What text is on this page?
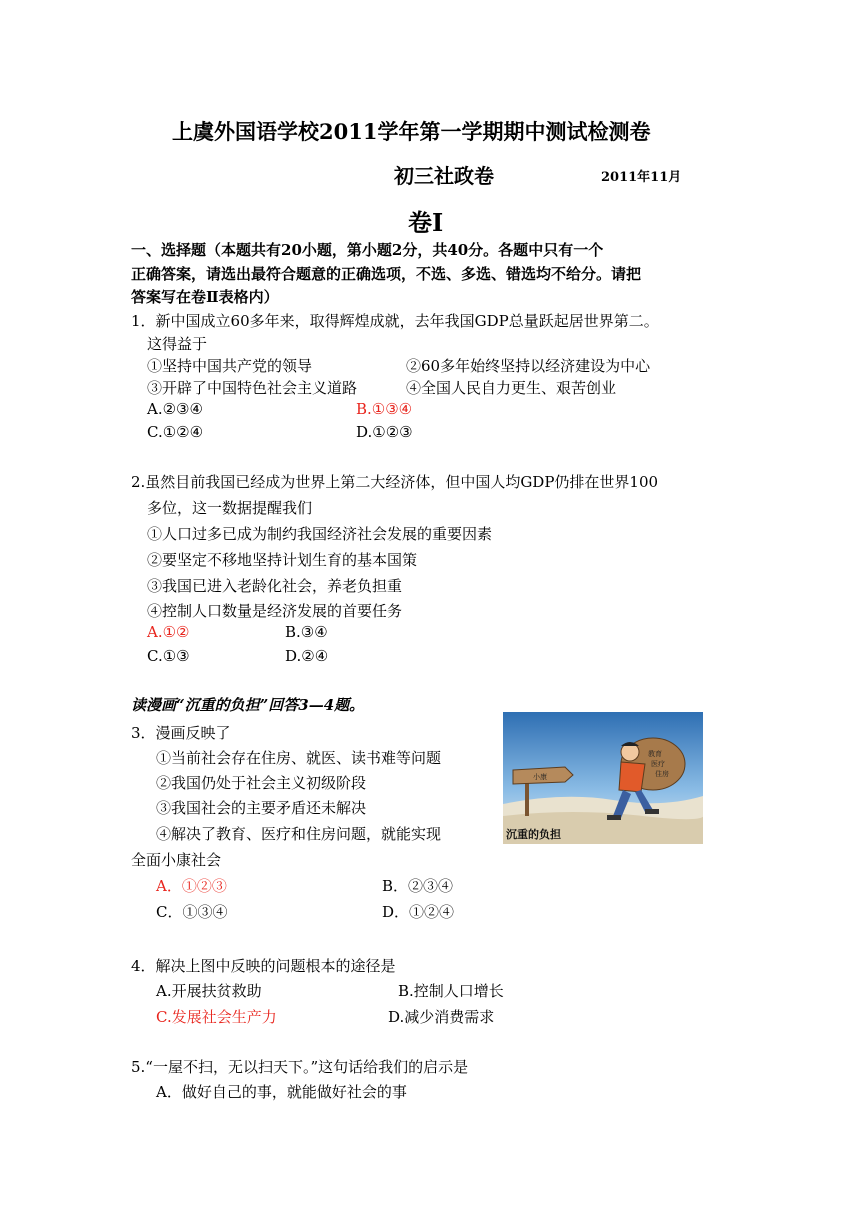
上虞外国语学校2011学年第一学期期中测试检测卷
初三社政卷	2011年11月
卷Ⅰ
一、选择题（本题共有20小题，第小题2分，共40分。各题中只有一个
正确答案，请选出最符合题意的正确选项，不选、多选、错选均不给分。请把
答案写在卷Ⅱ表格内）
1．新中国成立60多年来，取得辉煌成就，去年我国GDP总量跃起居世界第二。
这得益于
①坚持中国共产党的领导	②60多年始终坚持以经济建设为中心
③开辟了中国特色社会主义道路	④全国人民自力更生、艰苦创业
A.②③④	B.①③④
C.①②④	D.①②③
2.虽然目前我国已经成为世界上第二大经济体，但中国人均GDP仍排在世界100
多位，这一数据提醒我们
①人口过多已成为制约我国经济社会发展的重要因素
②要坚定不移地坚持计划生育的基本国策
③我国已进入老龄化社会，养老负担重
④控制人口数量是经济发展的首要任务
A.①②	B.③④
C.①③	D.②④
读漫画“沉重的负担”回答3—4题。
小康
教育
医疗
住房
沉重的负担
3．漫画反映了
①当前社会存在住房、就医、读书难等问题
②我国仍处于社会主义初级阶段
③我国社会的主要矛盾还未解决
④解决了教育、医疗和住房问题，就能实现
全面小康社会
A．①②③	B．②③④
C．①③④	D．①②④
4．解决上图中反映的问题根本的途径是
A.开展扶贫救助	B.控制人口增长
C.发展社会生产力	D.减少消费需求
5.“一屋不扫，无以扫天下。”这句话给我们的启示是
A．做好自己的事，就能做好社会的事
